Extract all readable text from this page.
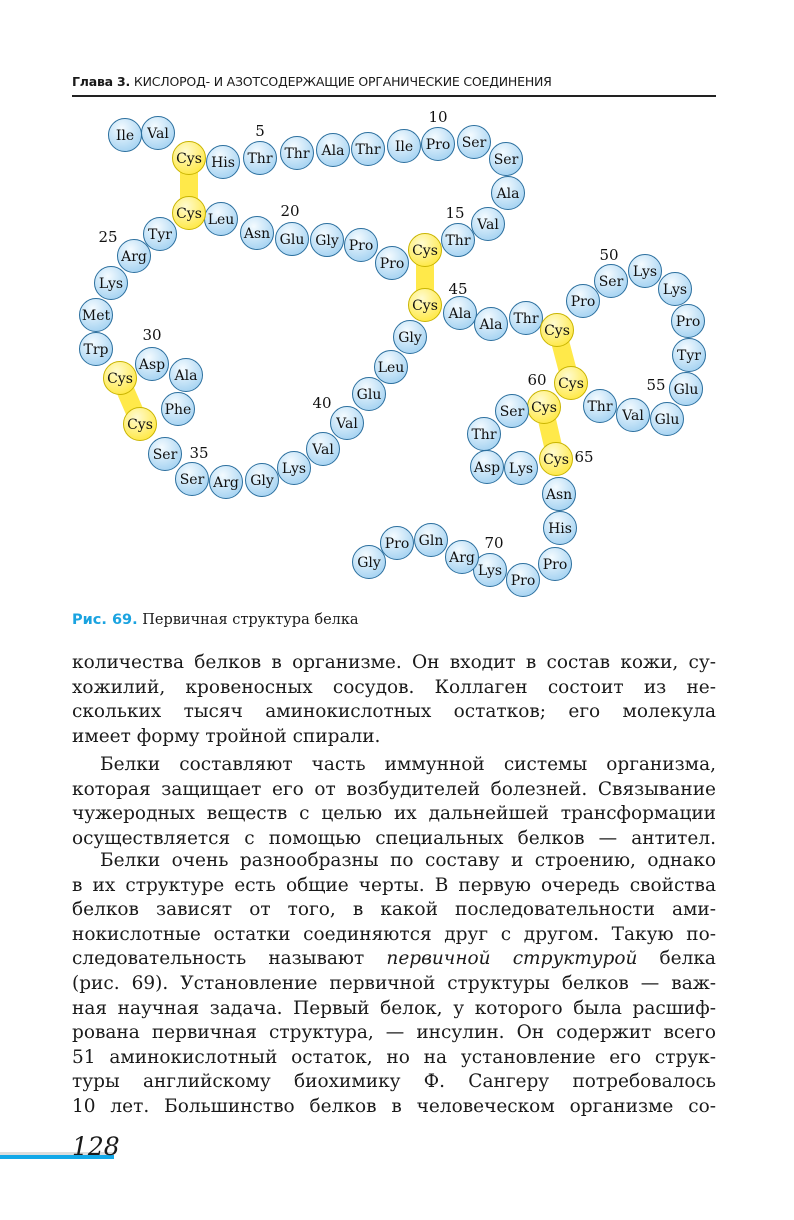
Глава 3. КИСЛОРОД- И АЗОТСОДЕРЖАЩИЕ ОРГАНИЧЕСКИЕ СОЕДИНЕНИЯ
Ile Val
Cys His Thr Thr Ala Thr Ile Pro Ser
Ser
Ala
Val
Thr
Cys
Pro
Pro
Gly
Glu
Asn
Leu
Cys
Tyr
Arg
Lys
Met
Trp
Cys
Asp
Ala
Phe
Cys
Ser
Ser Arg Gly
Lys
Val
Val
Glu
Leu
Gly
Cys Ala
Ala Thr
Cys
Pro
Ser
Lys
Lys
Pro
Tyr
Glu
Glu
Val
Thr
Cys
Cys
Ser
Thr
Asp Lys
Cys
Asn
His
Pro
Pro
Lys
Arg
Gln
Pro
Gly
5
10
15
20
25
30
35
40
45
50
55
60
65
70
Рис. 69. Первичная структура белка
количества белков в организме. Он входит в состав кожи, су-
хожилий, кровеносных сосудов. Коллаген состоит из не-
скольких тысяч аминокислотных остатков; его молекула
имеет форму тройной спирали.
Белки составляют часть иммунной системы организма,
которая защищает его от возбудителей болезней. Связывание
чужеродных веществ с целью их дальнейшей трансформации
осуществляется с помощью специальных белков — антител.
Белки очень разнообразны по составу и строению, однако
в их структуре есть общие черты. В первую очередь свойства
белков зависят от того, в какой последовательности ами-
нокислотные остатки соединяются друг с другом. Такую по-
следовательность называют первичной структурой белка
(рис. 69). Установление первичной структуры белков — важ-
ная научная задача. Первый белок, у которого была расшиф-
рована первичная структура, — инсулин. Он содержит всего
51 аминокислотный остаток, но на установление его струк-
туры английскому биохимику Ф. Сангеру потребовалось
10 лет. Большинство белков в человеческом организме со-
128
